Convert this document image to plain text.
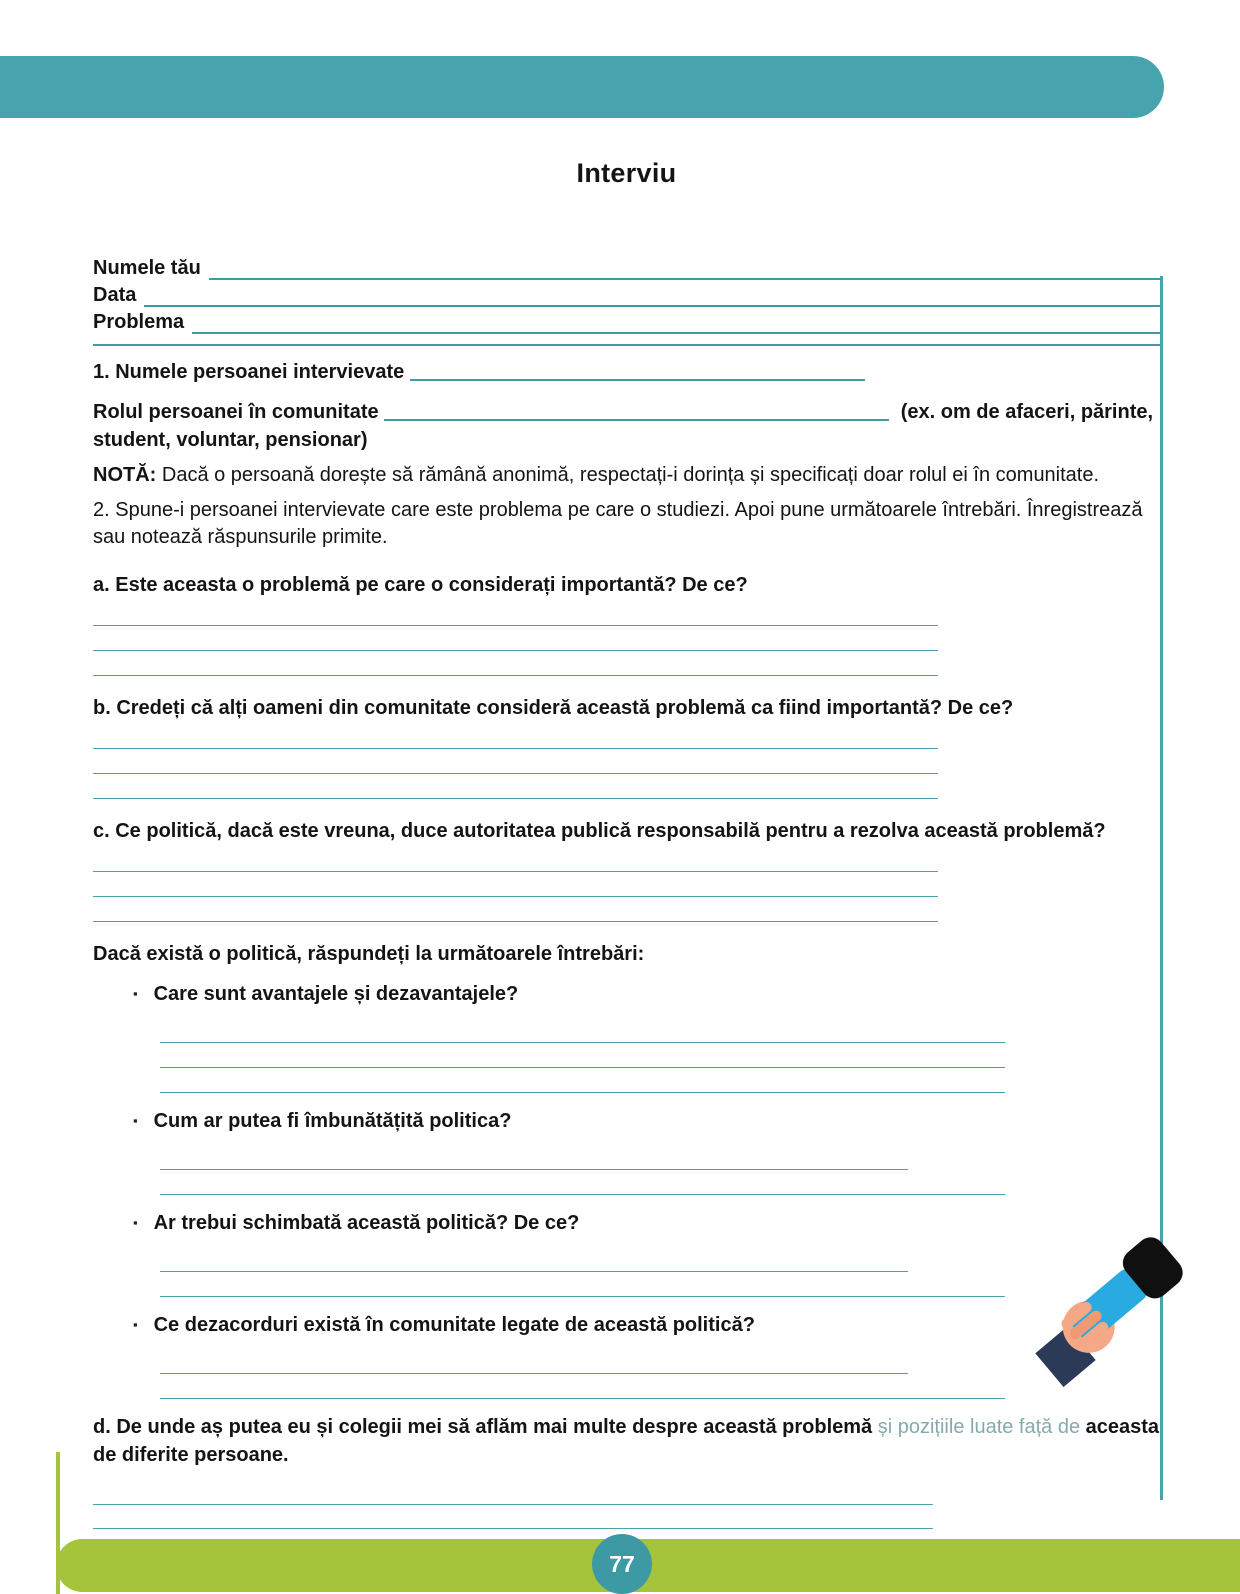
Interviu
Numele tău
Data
Problema
1. Numele persoanei intervievate
Rolul persoanei în comunitate	(ex. om de afaceri, părinte, student, voluntar, pensionar)

NOTĂ: Dacă o persoană dorește să rămână anonimă, respectați-i dorința și specificați doar rolul ei în comunitate.

2. Spune-i persoanei intervievate care este problema pe care o studiezi. Apoi pune următoarele întrebări. Înregistrează sau notează răspunsurile primite.

a. Este aceasta o problemă pe care o considerați importantă? De ce?
b. Credeți că alți oameni din comunitate consideră această problemă ca fiind importantă? De ce?
c. Ce politică, dacă este vreuna, duce autoritatea publică responsabilă pentru a rezolva această problemă?
Dacă există o politică, răspundeți la următoarele întrebări:
▪ Care sunt avantajele și dezavantajele?
▪ Cum ar putea fi îmbunătățită politica?
▪ Ar trebui schimbată această politică? De ce?
▪ Ce dezacorduri există în comunitate legate de această politică?

d. De unde aș putea eu și colegii mei să aflăm mai multe despre această problemă și pozițiile luate față de aceasta de diferite persoane.

77
